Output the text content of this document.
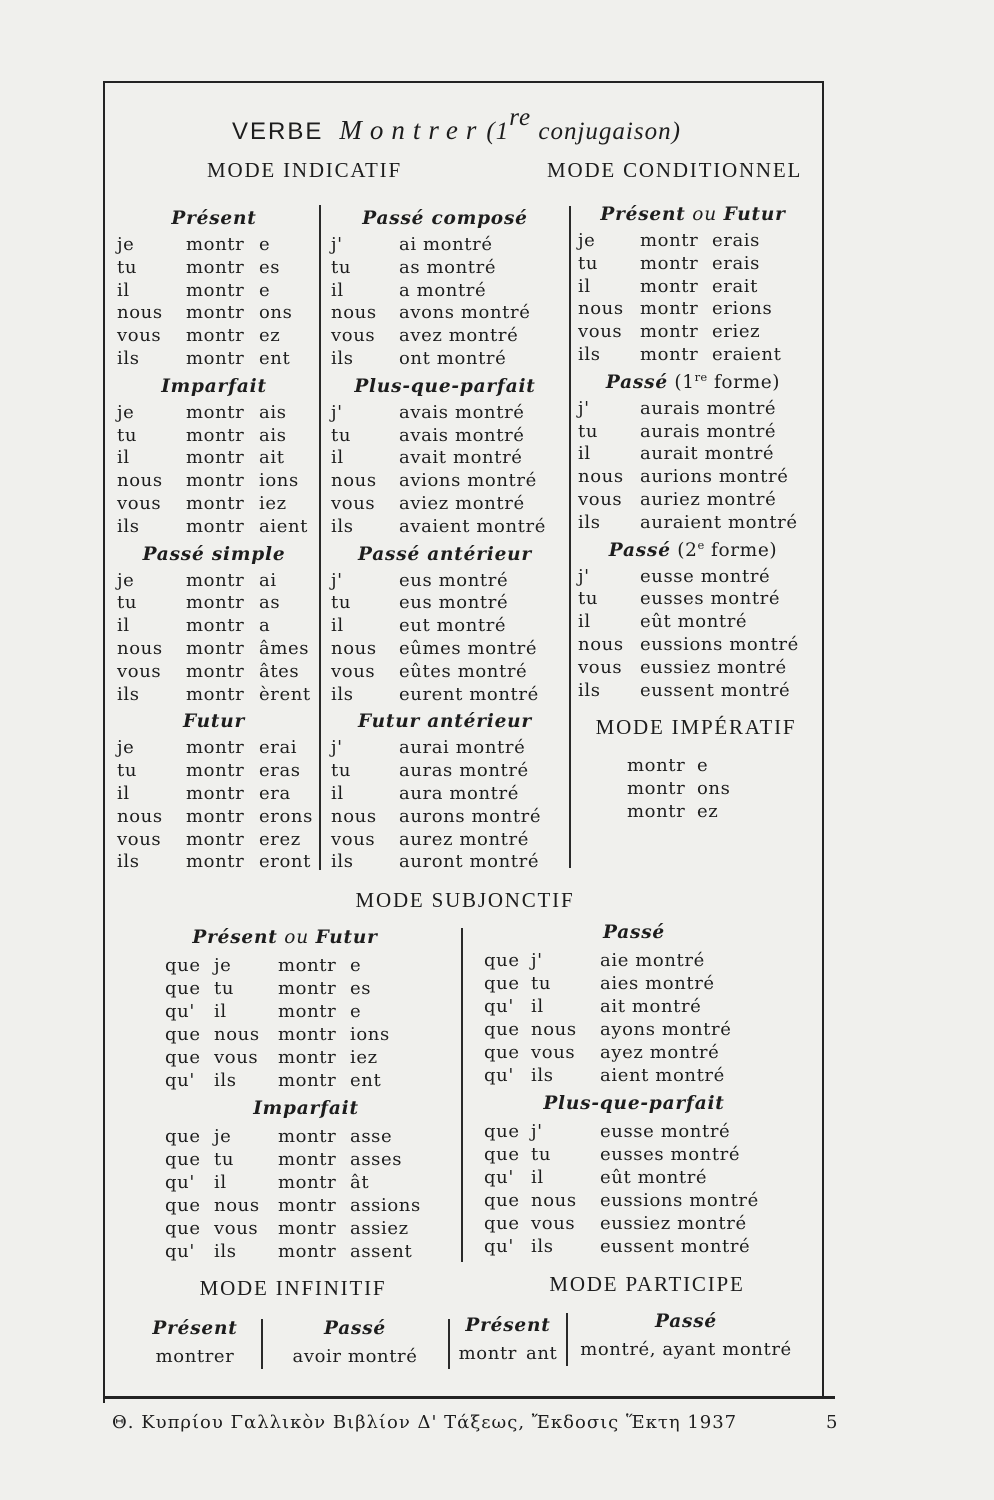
VERBE Montrer(1re conjugaison)
MODE INDICATIF	MODE CONDITIONNEL
MODE IMPÉRATIF
MODE SUBJONCTIF
MODE INFINITIF	MODE PARTICIPE
Présent
je	montr e
tu	montr es
il	montr e
nous montr ons
vous montr ez
ils	montr ent
Imparfait
je	montr ais
tu	montr ais
il	montr ait
nous montr ions
vous montr iez
ils	montr aient
Passé simple
je	montr ai
tu	montr as
il	montr a
nous montr âmes
vous montr âtes
ils	montr èrent
Futur
je	montr erai
tu	montr eras
il	montr era
nous montr erons
vous montr erez
ils	montr eront
Passé composé
j'	ai montré
tu	as montré
il	a montré
nous avons montré
vous avez montré
ils	ont montré
Plus-que-parfait
j'	avais montré
tu	avais montré
il	avait montré
nous avions montré
vous aviez montré
ils	avaient montré
Passé antérieur
j'	eus montré
tu	eus montré
il	eut montré
nous eûmes montré
vous eûtes montré
ils	eurent montré
Futur antérieur
j'	aurai montré
tu	auras montré
il	aura montré
nous aurons montré
vous aurez montré
ils	auront montré
Présent ou Futur
je montr erais
tu montr erais
il	montr erait
nous montr erions
vous montr eriez
ils montr eraient
Passé (1re forme)
j'	aurais montré
tu aurais montré
il	aurait montré
nous aurions montré
vous auriez montré
ils auraient montré
Passé (2e forme)
j'	eusse montré
tu eusses montré
il	eût montré
nous eussions montré
vous eussiez montré
ils eussent montré
montr e
montr ons
montr ez
Présent ou Futur
que je	montr e
que tu montr es
qu' il	montr e
que nous montr ions
que vous montr iez
qu' ils montr ent
Imparfait
que je	montr asse
que tu montr asses
qu' il	montr ât
que nous montr assions
que vous montr assiez
qu' ils montr assent
Passé
que j'	aie montré
que tu	aies montré
qu' il	ait montré
que nous ayons montré
que vous ayez montré
qu' ils	aient montré
Plus-que-parfait
que j'	eusse montré
que tu	eusses montré
qu' il	eût montré
que nous eussions montré
que vous eussiez montré
qu' ils	eussent montré
Présent
montrer
Passé
avoir montré
Présent
montr ant
Passé
montré, ayant montré
Θ. Κυπρίου Γαλλικὸν Βιβλίον Δ' Τάξεως, Ἔκδοσις Ἕκτη 1937	5
